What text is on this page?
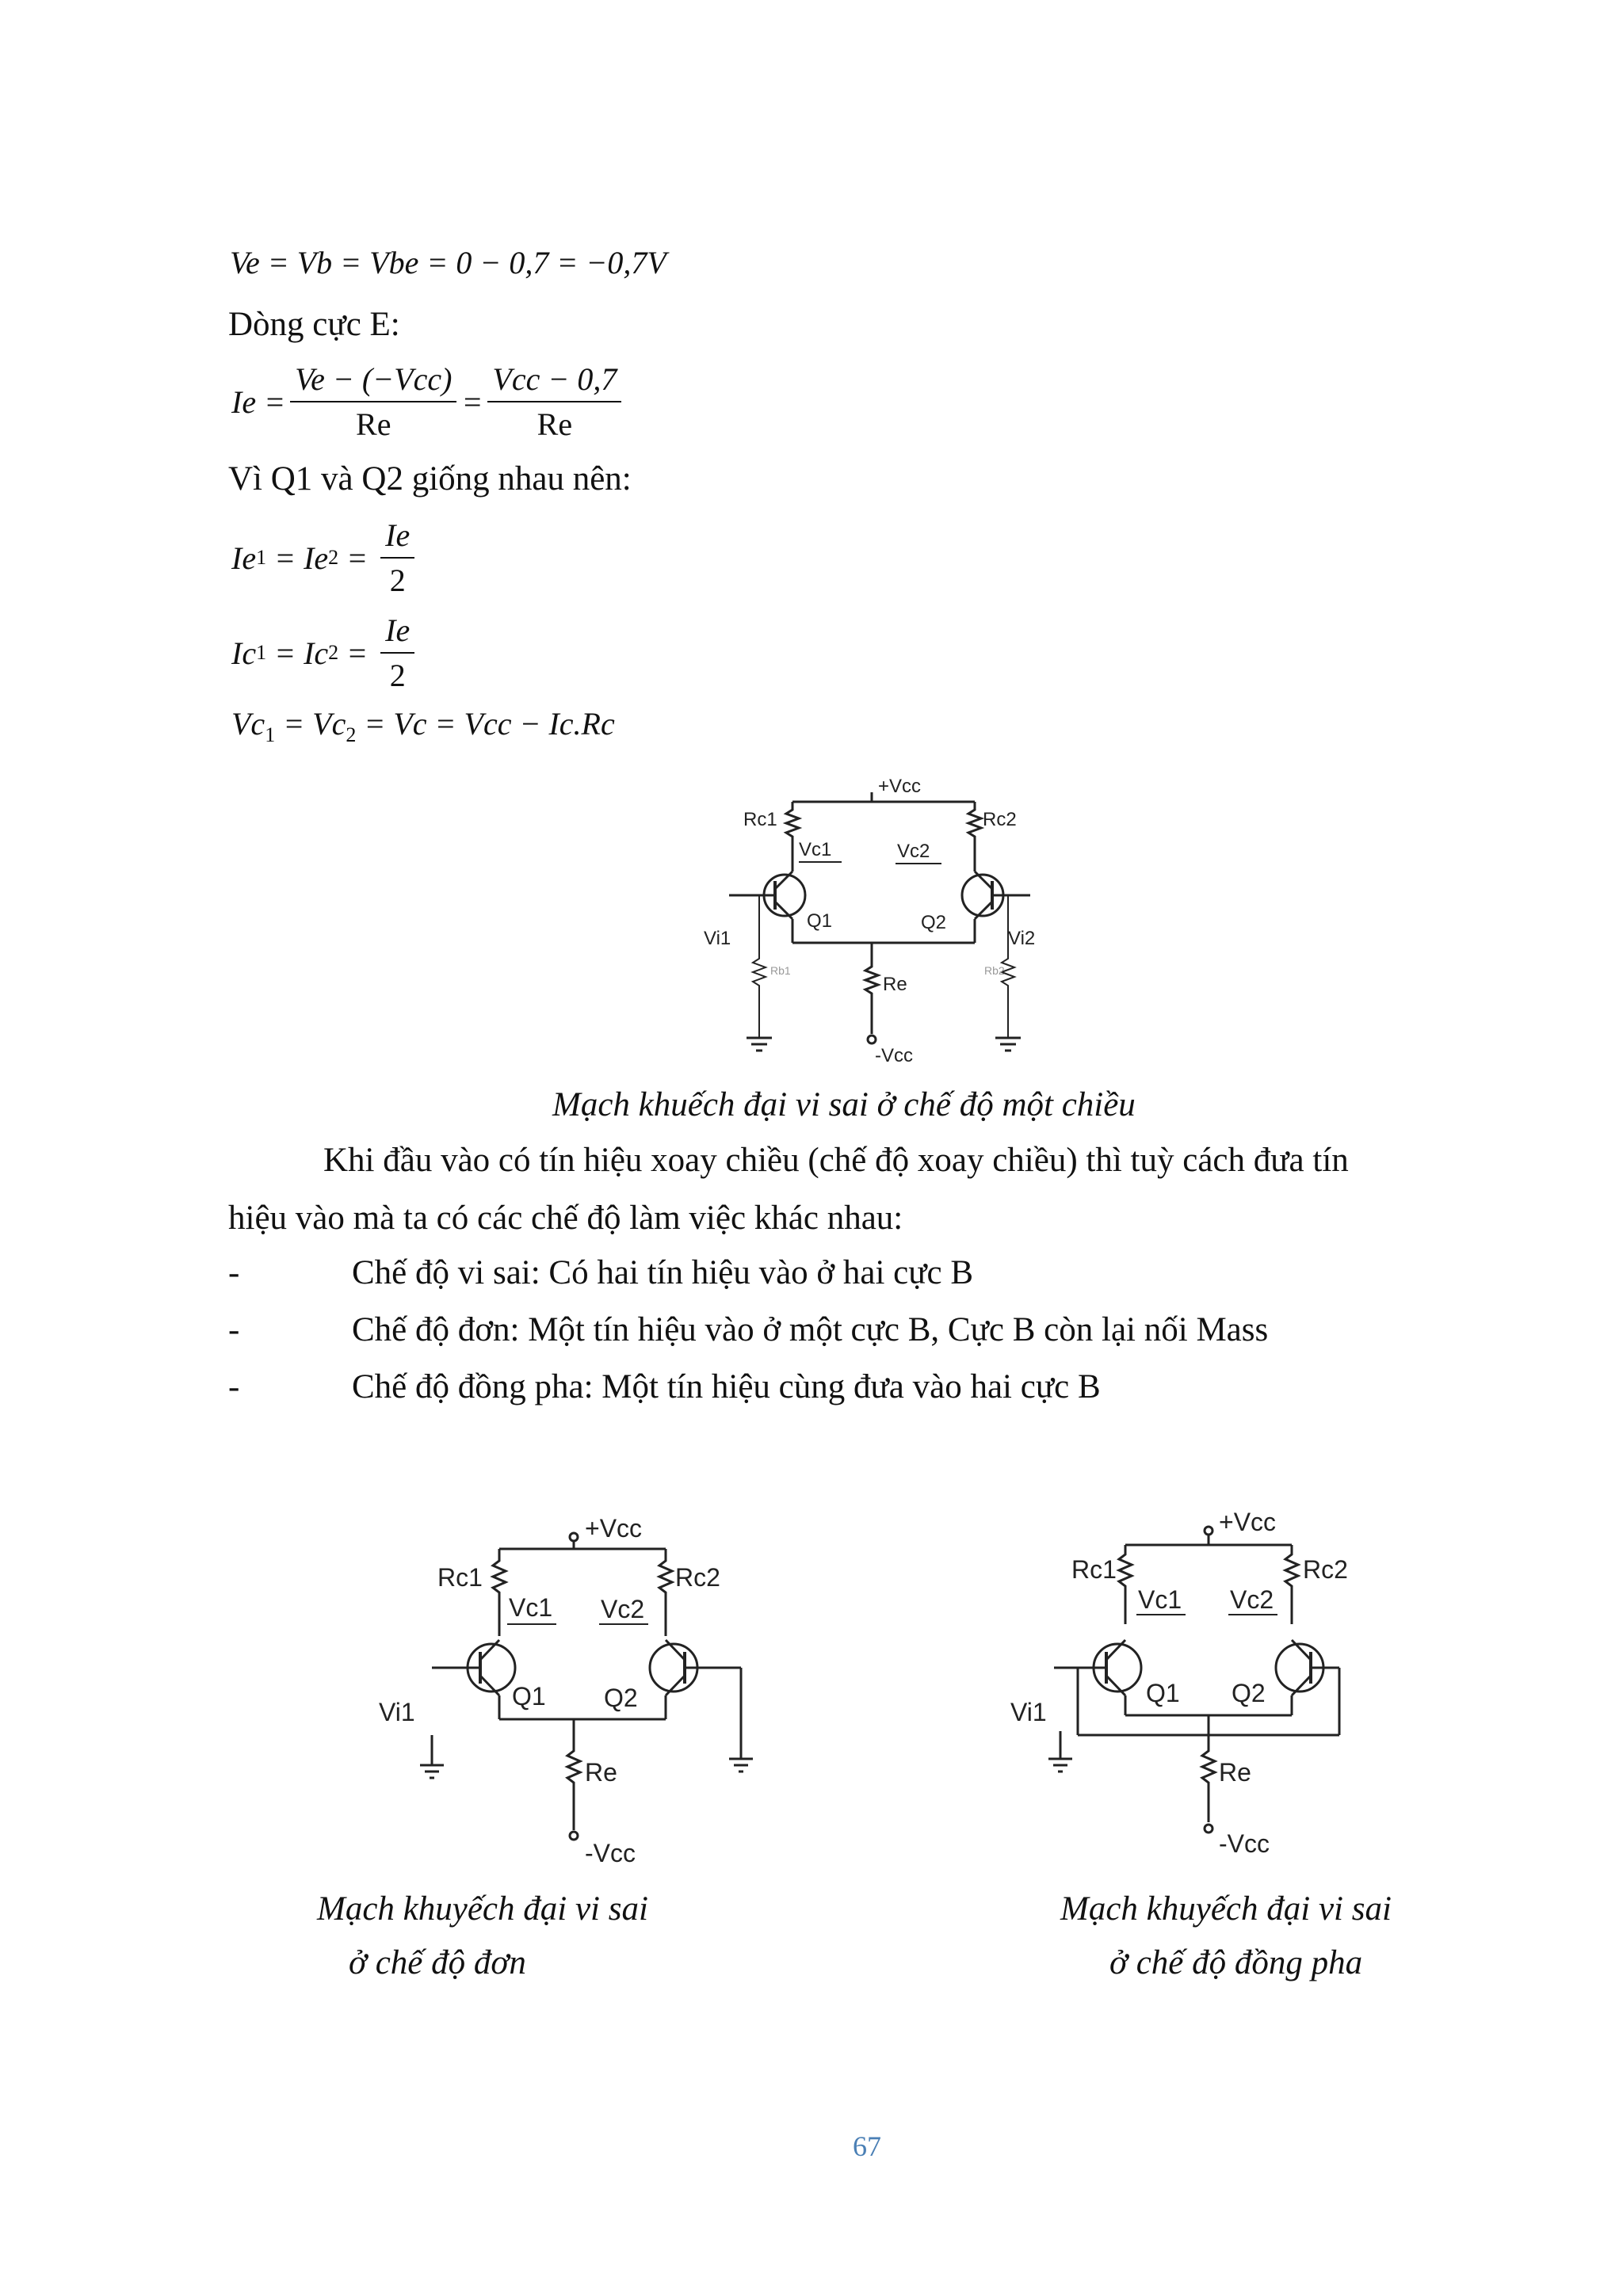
Ve = Vb = Vbe = 0 − 0,7 = −0,7V
Dòng cực E:
$Ie = \frac{\text{Ve − (−Vcc)}}{Re} = \frac{\text{Vcc − 0,7}}{Re}$
Vì Q1 và Q2 giống nhau nên:
Ie 1 = Ie $2 = \frac{Ie}{2}$
Ic 1 = Ic $2 = \frac{Ie}{2}$
$Vc_1 = Vc_2 = Vc$ = Vcc − Ic.Rc
+Vcc
Rc1	Rc2
Vc1	Vc2
Q1	Q2
Re
-Vcc
Vi1
Rb1
Vi2
Rb2
Mạch khuếch đại vi sai ở chế độ một chiều
Khi đầu vào có tín hiệu xoay chiều (chế độ xoay chiều) thì tuỳ cách đưa tín
hiệu vào mà ta có các chế độ làm việc khác nhau:
-	Chế độ vi sai: Có hai tín hiệu vào ở hai cực B
-	Chế độ đơn: Một tín hiệu vào ở một cực B, Cực B còn lại nối Mass
-	Chế độ đồng pha: Một tín hiệu cùng đưa vào hai cực B
+Vcc
Rc1	Rc2
Vc1 Vc2
Q1 Q2
Re
-Vcc
Vi1
+Vcc
Rc1	Rc2
Vc1 Vc2
Q1 Q2
Re
-Vcc
Vi1
Mạch khuyếch đại vi sai
ở chế độ đơn
Mạch khuyếch đại vi sai
ở chế độ đồng pha
67
